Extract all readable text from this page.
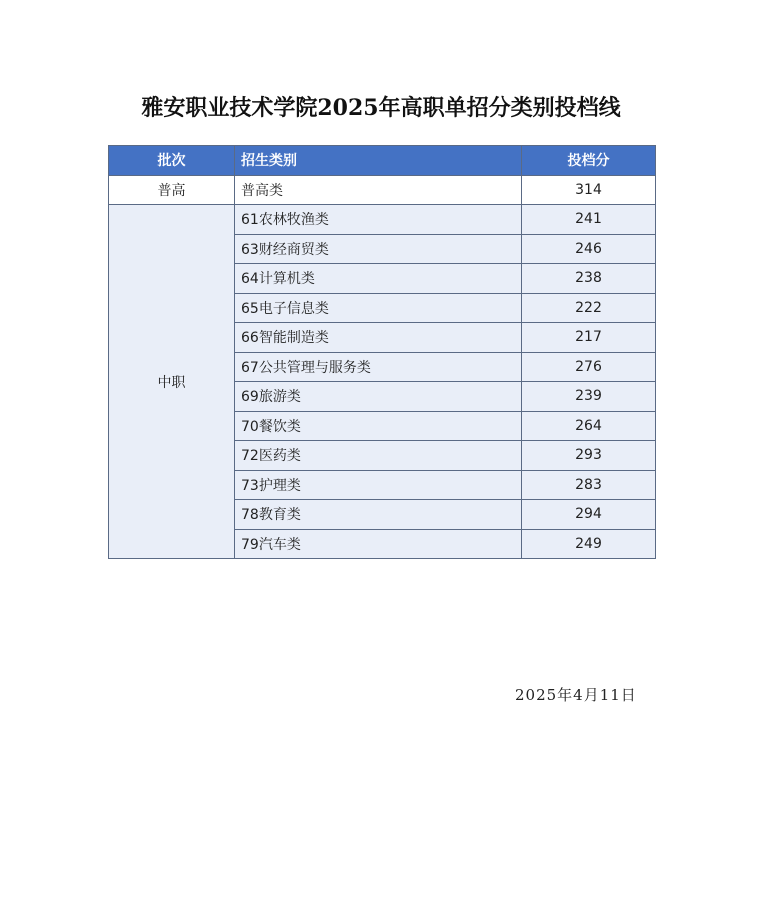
雅安职业技术学院2025年高职单招分类别投档线
批次	招生类别	投档分
普高	普高类	314
中职	61农林牧渔类	241
	63财经商贸类	246
	64计算机类	238
	65电子信息类	222
	66智能制造类	217
	67公共管理与服务类	276
	69旅游类	239
	70餐饮类	264
	72医药类	293
	73护理类	283
	78教育类	294
	79汽车类	249
2025年4月11日
